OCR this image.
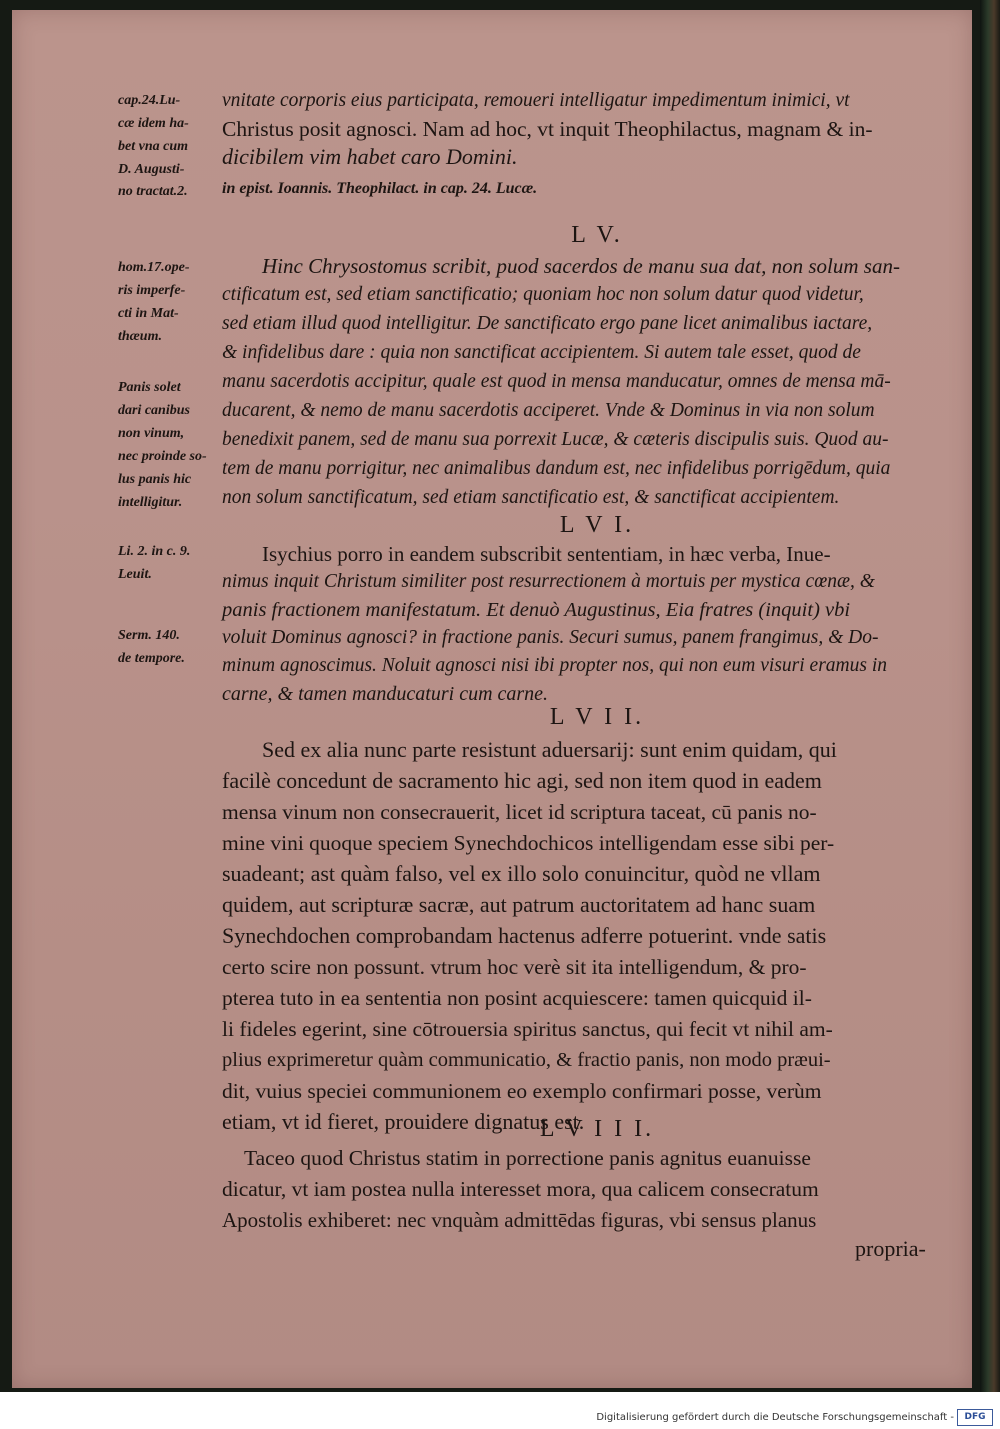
cap.24.Lu-
cæ idem ha-
bet vna cum
D. Augusti-
no tractat.2.
vnitate corporis eius participata, remoueri intelligatur impedimentum inimici, vt
Christus posit agnosci. Nam ad hoc, vt inquit Theophilactus, magnam & in-
dicibilem vim habet caro Domini.
in epist. Ioannis. Theophilact. in cap. 24. Lucæ.
L V.
hom.17.ope-
ris imperfe-
cti in Mat-
thæum.
Panis solet
dari canibus
non vinum,
nec proinde so-
lus panis hic
intelligitur.
Hinc Chrysostomus scribit, puod sacerdos de manu sua dat, non solum san-
ctificatum est, sed etiam sanctificatio; quoniam hoc non solum datur quod videtur,
sed etiam illud quod intelligitur. De sanctificato ergo pane licet animalibus iactare,
& infidelibus dare : quia non sanctificat accipientem. Si autem tale esset, quod de
manu sacerdotis accipitur, quale est quod in mensa manducatur, omnes de mensa mā-
ducarent, & nemo de manu sacerdotis acciperet. Vnde & Dominus in via non solum
benedixit panem, sed de manu sua porrexit Lucæ, & cæteris discipulis suis. Quod au-
tem de manu porrigitur, nec animalibus dandum est, nec infidelibus porrigēdum, quia
non solum sanctificatum, sed etiam sanctificatio est, & sanctificat accipientem.
L V I.
Li. 2. in c. 9.
Leuit.
Serm. 140.
de tempore.
Isychius porro in eandem subscribit sententiam, in hæc verba, Inue-
nimus inquit Christum similiter post resurrectionem à mortuis per mystica cœnæ, &
panis fractionem manifestatum. Et denuò Augustinus, Eia fratres (inquit) vbi
voluit Dominus agnosci? in fractione panis. Securi sumus, panem frangimus, & Do-
minum agnoscimus. Noluit agnosci nisi ibi propter nos, qui non eum visuri eramus in
carne, & tamen manducaturi cum carne.
L V I I.
Sed ex alia nunc parte resistunt aduersarij: sunt enim quidam, qui
facilè concedunt de sacramento hic agi, sed non item quod in eadem
mensa vinum non consecrauerit, licet id scriptura taceat, cū panis no-
mine vini quoque speciem Synechdochicos intelligendam esse sibi per-
suadeant; ast quàm falso, vel ex illo solo conuincitur, quòd ne vllam
quidem, aut scripturæ sacræ, aut patrum auctoritatem ad hanc suam
Synechdochen comprobandam hactenus adferre potuerint. vnde satis
certo scire non possunt. vtrum hoc verè sit ita intelligendum, & pro-
pterea tuto in ea sententia non posint acquiescere: tamen quicquid il-
li fideles egerint, sine cōtrouersia spiritus sanctus, qui fecit vt nihil am-
plius exprimeretur quàm communicatio, & fractio panis, non modo præui-
dit, vuius speciei communionem eo exemplo confirmari posse, verùm
etiam, vt id fieret, prouidere dignatus est.
L V I I I.
Taceo quod Christus statim in porrectione panis agnitus euanuisse
dicatur, vt iam postea nulla interesset mora, qua calicem consecratum
Apostolis exhiberet: nec vnquàm admittēdas figuras, vbi sensus planus
propria-
Digitalisierung gefördert durch die Deutsche Forschungsgemeinschaft -	DFG
